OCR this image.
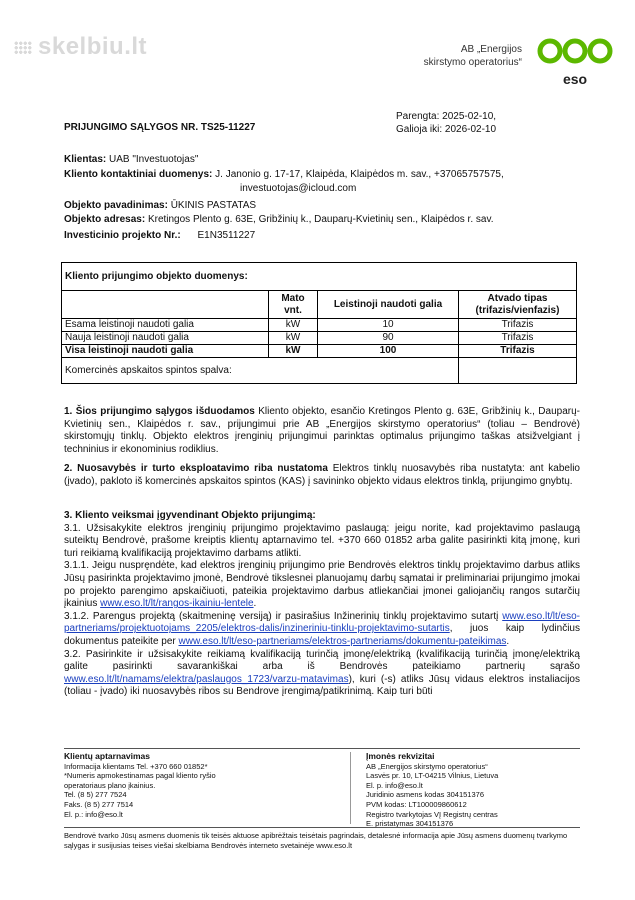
skelbiu.lt	AB „Energijos
skirstymo operatorius“
eso
Parengta: 2025-02-10,
Galioja iki: 2026-02-10
PRIJUNGIMO SĄLYGOS NR. TS25-11227
Klientas: UAB "Investuotojas"
Kliento kontaktiniai duomenys: J. Janonio g. 17-17, Klaipėda, Klaipėdos m. sav., +37065757575,
investuotojas@icloud.com
Objekto pavadinimas: ŪKINIS PASTATAS
Objekto adresas: Kretingos Plento g. 63E, Gribžinių k., Dauparų-Kvietinių sen., Klaipėdos r. sav.
Investicinio projekto Nr.: E1N3511227
Kliento prijungimo objekto duomenys:			
	Mato vnt.	Leistinoji naudoti galia	Atvado tipas (trifazis/vienfazis)
Esama leistinoji naudoti galia	kW	10	Trifazis
Nauja leistinoji naudoti galia	kW	90	Trifazis
Visa leistinoji naudoti galia	kW	100	Trifazis
Komercinės apskaitos spintos spalva:			
1. Šios prijungimo sąlygos išduodamos Kliento objekto, esančio Kretingos Plento g. 63E, Gribžinių k., Dauparų-Kvietinių sen., Klaipėdos r. sav., prijungimui prie AB „Energijos skirstymo operatorius“ (toliau – Bendrovė) skirstomųjų tinklų. Objekto elektros įrenginių prijungimui parinktas optimalus prijungimo taškas atsižvelgiant į techninius ir ekonominius rodiklius.
2. Nuosavybės ir turto eksploatavimo riba nustatoma Elektros tinklų nuosavybės riba nustatyta: ant kabelio (įvado), pakloto iš komercinės apskaitos spintos (KAS) į savininko objekto vidaus elektros tinklą, prijungimo gnybtų.
3. Kliento veiksmai įgyvendinant Objekto prijungimą:
3.1. Užsisakykite elektros įrenginių prijungimo projektavimo paslaugą: jeigu norite, kad projektavimo paslaugą suteiktų Bendrovė, prašome kreiptis klientų aptarnavimo tel. +370 660 01852 arba galite pasirinkti kitą įmonę, kuri turi reikiamą kvalifikaciją projektavimo darbams atlikti.
3.1.1. Jeigu nuspręndėte, kad elektros įrenginių prijungimo prie Bendrovės elektros tinklų projektavimo darbus atliks Jūsų pasirinkta projektavimo įmonė, Bendrovė tikslesnei planuojamų darbų sąmatai ir preliminariai prijungimo įmokai po projekto parengimo apskaičiuoti, pateikia projektavimo darbus atliekančiai įmonei galiojančių rangos sutarčių įkainius www.eso.lt/lt/rangos-ikainiu-lentele.
3.1.2. Parengus projektą (skaitmeninę versiją) ir pasirašius Inžinerinių tinklų projektavimo sutartį www.eso.lt/lt/eso-partneriams/projektuotojams_2205/elektros-dalis/inzineriniu-tinklu-projektavimo-sutartis, juos kaip lydinčius dokumentus pateikite per www.eso.lt/lt/eso-partneriams/elektros-partneriams/dokumentu-pateikimas.
3.2. Pasirinkite ir užsisakykite reikiamą kvalifikaciją turinčią įmonę/elektriką (kvalifikaciją turinčią įmonę/elektriką galite pasirinkti savarankiškai arba iš Bendrovės pateikiamo partnerių sąrašo www.eso.lt/lt/namams/elektra/paslaugos_1723/varzu-matavimas), kuri (-s) atliks Jūsų vidaus elektros instaliacijos (toliau - įvado) iki nuosavybės ribos su Bendrove įrengimą/patikrinimą. Kaip turi būti
Klientų aptarnavimas
Informacija klientams Tel. +370 660 01852*
*Numeris apmokestinamas pagal kliento ryšio
operatoriaus plano įkainius.
Tel. (8 5) 277 7524
Faks. (8 5) 277 7514
El. p.: info@eso.lt
Įmonės rekvizitai
AB „Energijos skirstymo operatorius“
Lasvės pr. 10, LT-04215 Vilnius, Lietuva
El. p. info@eso.lt
Juridinio asmens kodas 304151376
PVM kodas: LT100009860612
Registro tvarkytojas VĮ Registrų centras
E. pristatymas 304151376
Bendrovė tvarko Jūsų asmens duomenis tik teisės aktuose apibrėžtais teisėtais pagrindais, detalesnė informacija apie Jūsų asmens duomenų tvarkymo sąlygas ir susijusias teises viešai skelbiama Bendrovės interneto svetainėje www.eso.lt
